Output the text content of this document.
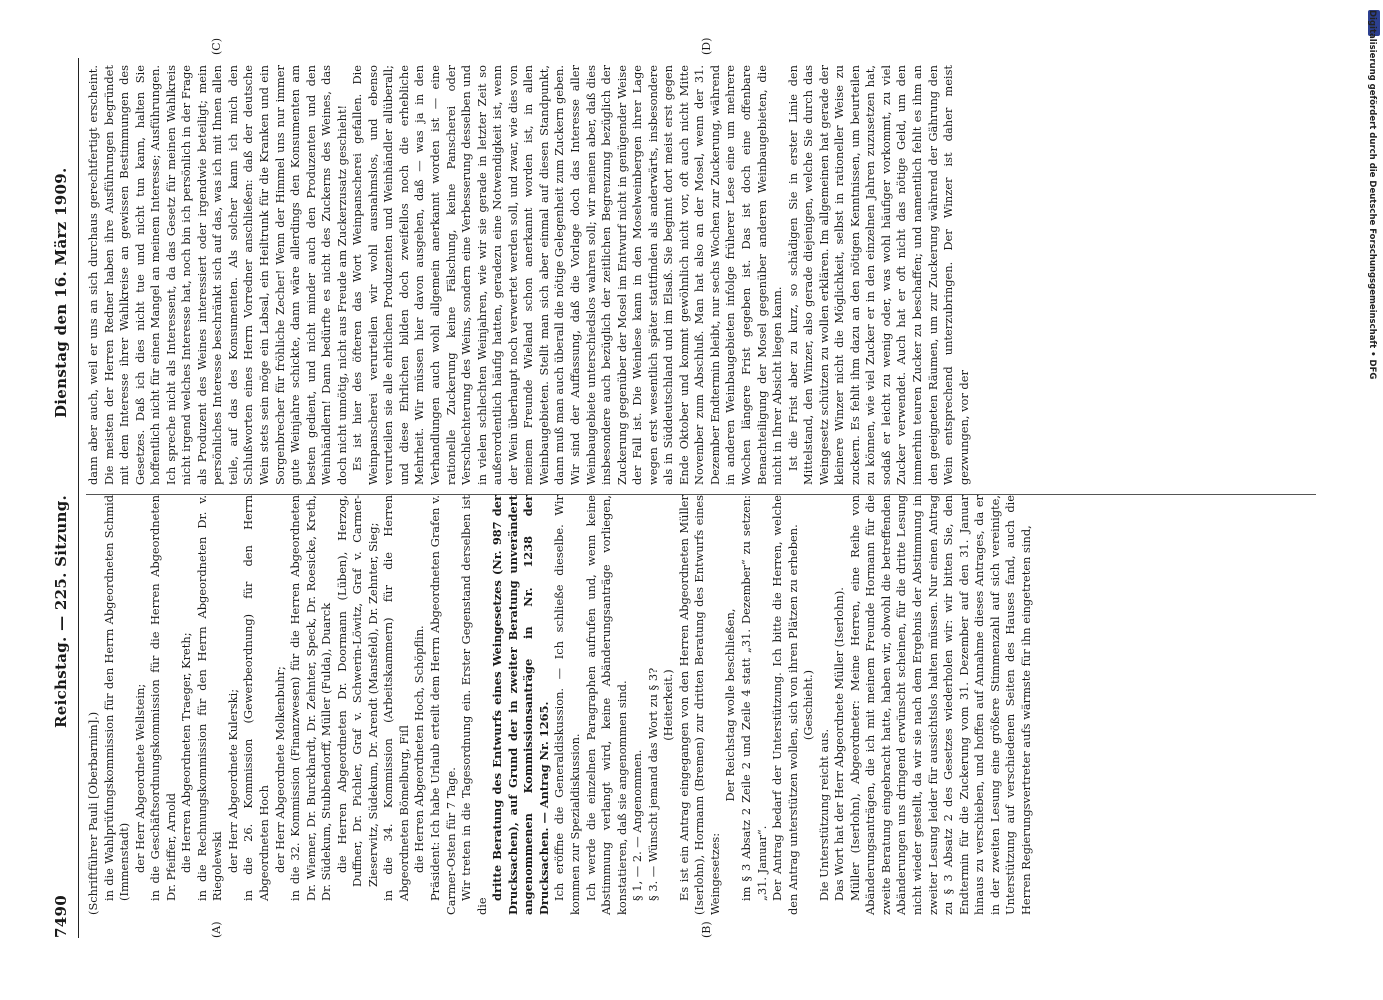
7490
Reichstag. — 225. Sitzung.
Dienstag den 16. März 1909.
(A)	(B)
(C)	(D)

(Schriftführer Pauli [Oberbarnim].) in die Wahlprüfungskommission für den Herrn Abgeordneten Schmid (Immenstadt) der Herr Abgeordnete Wellstein; in die Geschäftsordnungskommission für die Herren Abgeordneten Dr. Pfeiffer, Arnold die Herren Abgeordneten Traeger, Kreth; in die Rechnungskommission für den Herrn Abgeordneten Dr. v. Riegolewski der Herr Abgeordnete Kulerski; in die 26. Kommission (Gewerbeordnung) für den Herrn Abgeordneten Hoch der Herr Abgeordnete Molkenbuhr; in die 32. Kommission (Finanzwesen) für die Herren Abgeordneten Dr. Wiemer, Dr. Burckhardt, Dr. Zehnter, Speck, Dr. Roesicke, Kreth, Dr. Südekum, Stubbendorff, Müller (Fulda), Duarck die Herren Abgeordneten Dr. Doormann (Lüben), Herzog, Duffner, Dr. Pichler, Graf v. Schwerin-Löwitz, Graf v. Carmer-Zieserwitz, Südekum, Dr. Arendt (Mansfeld), Dr. Zehnter, Sieg; in die 34. Kommission (Arbeitskammern) für die Herren Abgeordneten Bömelburg, Fiſl die Herren Abgeordneten Hoch, Schöpflin. Präsident: Ich habe Urlaub erteilt dem Herrn Abgeordneten Grafen v. Carmer-Osten für 7 Tage. Wir treten in die Tagesordnung ein. Erster Gegenstand derselben ist die

dritte Beratung des Entwurfs eines Weingesetzes (Nr. 987 der Drucksachen), auf Grund der in zweiter Beratung unverändert angenommenen Kommissionsanträge in Nr. 1238 der Drucksachen. — Antrag Nr. 1265. Ich eröffne die Generaldiskussion. — Ich schließe dieselbe. Wir kommen zur Spezialdiskussion. Ich werde die einzelnen Paragraphen aufrufen und, wenn keine Abstimmung verlangt wird, keine Abänderungsanträge vorliegen, konstatieren, daß sie angenommen sind. § 1, — 2. — Angenommen. § 3. — Wünscht jemand das Wort zu § 3? (Heiterkeit.) Es ist ein Antrag eingegangen von den Herren Abgeordneten Müller (Iserlohn), Hormann (Bremen) zur dritten Beratung des Entwurfs eines Weingesetzes:

Der Reichstag wolle beschließen, im § 3 Absatz 2 Zeile 2 und Zeile 4 statt „31. Dezember“ zu setzen: „31. Januar“. Der Antrag bedarf der Unterstützung. Ich bitte die Herren, welche den Antrag unterstützen wollen, sich von ihren Plätzen zu erheben. (Geschieht.)

Die Unterstützung reicht aus. Das Wort hat der Herr Abgeordnete Müller (Iserlohn). Müller (Iserlohn), Abgeordneter: Meine Herren, eine Reihe von Abänderungsanträgen, die ich mit meinem Freunde Hormann für die zweite Beratung eingebracht hatte, haben wir, obwohl die betreffenden Abänderungen uns dringend erwünscht scheinen, für die dritte Lesung nicht wieder gestellt, da wir sie nach dem Ergebnis der Abstimmung in zweiter Lesung leider für aussichtslos halten müssen. Nur einen Antrag zu § 3 Absatz 2 des Gesetzes wiederholen wir: wir bitten Sie, den Endtermin für die Zuckerung vom 31. Dezember auf den 31. Januar hinaus zu verschieben, und hoffen auf Annahme dieses Antrages, da er in der zweiten Lesung eine größere Stimmenzahl auf sich vereinigte, Unterstützung auf verschiedenen Seiten des Hauses fand, auch die Herren Regierungsvertreter aufs wärmste für ihn eingetreten sind,

dann aber auch, weil er uns an sich durchaus gerechtfertigt erscheint. Die meisten der Herren Redner haben ihre Ausführungen begründet mit dem Interesse ihrer Wahlkreise an gewissen Bestimmungen des Gesetzes. Daß ich dies nicht tue und nicht tun kann, halten Sie hoffentlich nicht für einen Mangel an meinem Interesse; Ausführungen. Ich spreche nicht als Interessent, da das Gesetz für meinen Wahlkreis nicht irgend welches Interesse hat, noch bin ich persönlich in der Frage als Produzent des Weines interessiert oder irgendwie beteiligt; mein persönliches Interesse beschränkt sich auf das, was ich mit Ihnen allen teile, auf das des Konsumenten. Als solcher kann ich mich den Schlußworten eines Herrn Vorredner anschließen: daß der deutsche Wein stets sein möge ein Labsal, ein Heiltrunk für die Kranken und ein Sorgenbrecher für fröhliche Zecher! Wenn der Himmel uns nur immer gute Weinjahre schickte, dann wäre allerdings den Konsumenten am besten gedient, und nicht minder auch den Produzenten und den Weinhändlern! Dann bedürfte es nicht des Zuckerns des Weines, das doch nicht unnötig, nicht aus Freude am Zuckerzusatz geschieht! Es ist hier des öfteren das Wort Weinpanscherei gefallen. Die Weinpanscherei verurteilen wir wohl ausnahmslos, und ebenso verurteilen sie alle ehrlichen Produzenten und Weinhändler allüberall; und diese Ehrlichen bilden doch zweifellos noch die erhebliche Mehrheit. Wir müssen hier davon ausgehen, daß — was ja in den Verhandlungen auch wohl allgemein anerkannt worden ist — eine rationelle Zuckerung keine Fälschung, keine Panscherei oder Verschlechterung des Weins, sondern eine Verbesserung desselben und in vielen schlechten Weinjahren, wie wir sie gerade in letzter Zeit so außerordentlich häufig hatten, geradezu eine Notwendigkeit ist, wenn der Wein überhaupt noch verwertet werden soll, und zwar, wie dies von meinem Freunde Wieland schon anerkannt worden ist, in allen Weinbaugebieten. Stellt man sich aber einmal auf diesen Standpunkt, dann muß man auch überall die nötige Gelegenheit zum Zuckern geben. Wir sind der Auffassung, daß die Vorlage doch das Interesse aller Weinbaugebiete unterschiedslos wahren soll; wir meinen aber, daß dies insbesondere auch bezüglich der zeitlichen Begrenzung bezüglich der Zuckerung gegenüber der Mosel im Entwurf nicht in genügender Weise der Fall ist. Die Weinlese kann in den Moselweinbergen ihrer Lage wegen erst wesentlich später stattfinden als anderwärts, insbesondere als in Süddeutschland und im Elsaß. Sie beginnt dort meist erst gegen Ende Oktober und kommt gewöhnlich nicht vor, oft auch nicht Mitte November zum Abschluß. Man hat also an der Mosel, wenn der 31. Dezember Endtermin bleibt, nur sechs Wochen zur Zuckerung, während in anderen Weinbaugebieten infolge früherer Lese eine um mehrere Wochen längere Frist gegeben ist. Das ist doch eine offenbare Benachteiligung der Mosel gegenüber anderen Weinbaugebieten, die nicht in Ihrer Absicht liegen kann. Ist die Frist aber zu kurz, so schädigen Sie in erster Linie den Mittelstand, den Winzer, also gerade diejenigen, welche Sie durch das Weingesetz schützen zu wollen erklären. Im allgemeinen hat gerade der kleinere Winzer nicht die Möglichkeit, selbst in rationeller Weise zu zuckern. Es fehlt ihm dazu an den nötigen Kenntnissen, um beurteilen zu können, wie viel Zucker er in den einzelnen Jahren zuzusetzen hat, sodaß er leicht zu wenig oder, was wohl häufiger vorkommt, zu viel Zucker verwendet. Auch hat er oft nicht das nötige Geld, um den immerhin teuren Zucker zu beschaffen; und namentlich fehlt es ihm an den geeigneten Räumen, um zur Zuckerung während der Gährung den Wein entsprechend unterzubringen. Der Winzer ist daher meist gezwungen, vor der

Digitalisierung gefördert durch die Deutsche Forschungsgemeinschaft • DFG
